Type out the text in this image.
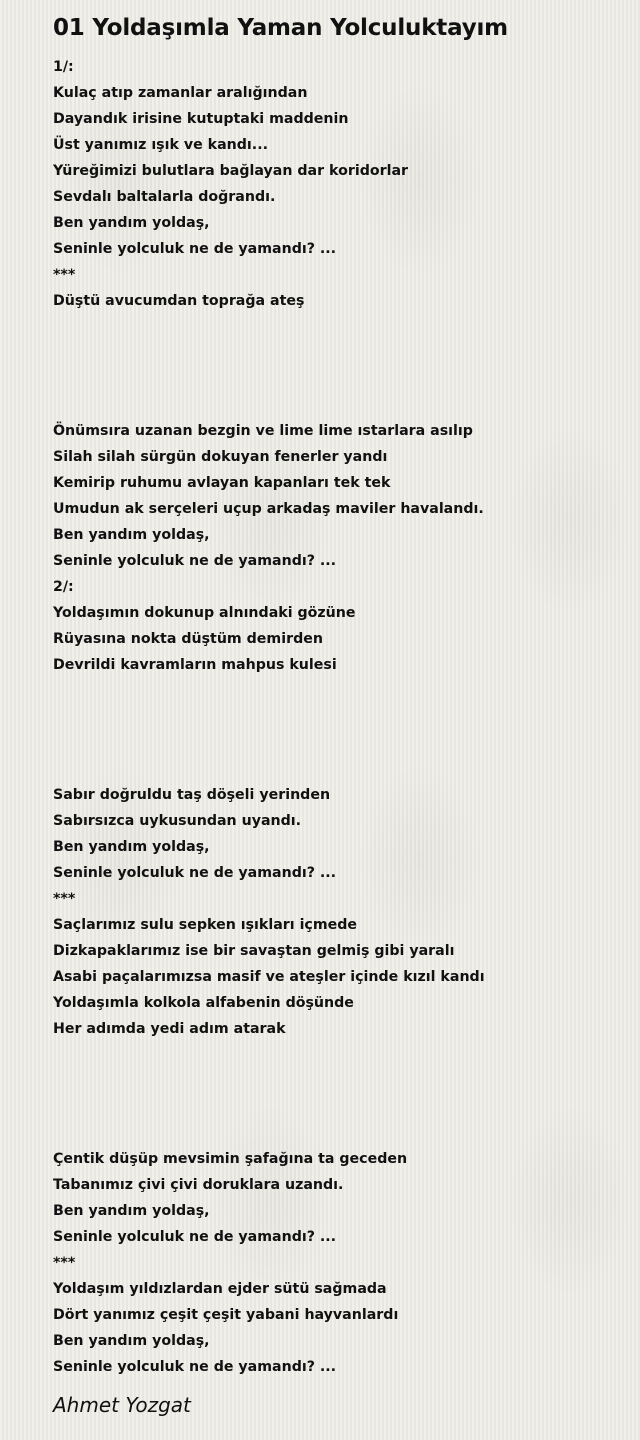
01 Yoldaşımla Yaman Yolculuktayım
1/:
Kulaç atıp zamanlar aralığından
Dayandık irisine kutuptaki maddenin
Üst yanımız ışık ve kandı...
Yüreğimizi bulutlara bağlayan dar koridorlar
Sevdalı baltalarla doğrandı.
Ben yandım yoldaş,
Seninle yolculuk ne de yamandı? ...
***
Düştü avucumdan toprağa ateş
Önümsıra uzanan bezgin ve lime lime ıstarlara asılıp
Silah silah sürgün dokuyan fenerler yandı
Kemirip ruhumu avlayan kapanları tek tek
Umudun ak serçeleri uçup arkadaş maviler havalandı.
Ben yandım yoldaş,
Seninle yolculuk ne de yamandı? ...
2/:
Yoldaşımın dokunup alnındaki gözüne
Rüyasına nokta düştüm demirden
Devrildi kavramların mahpus kulesi
Sabır doğruldu taş döşeli yerinden
Sabırsızca uykusundan uyandı.
Ben yandım yoldaş,
Seninle yolculuk ne de yamandı? ...
***
Saçlarımız sulu sepken ışıkları içmede
Dizkapaklarımız ise bir savaştan gelmiş gibi yaralı
Asabi paçalarımızsa masif ve ateşler içinde kızıl kandı
Yoldaşımla kolkola alfabenin döşünde
Her adımda yedi adım atarak
Çentik düşüp mevsimin şafağına ta geceden
Tabanımız çivi çivi doruklara uzandı.
Ben yandım yoldaş,
Seninle yolculuk ne de yamandı? ...
***
Yoldaşım yıldızlardan ejder sütü sağmada
Dört yanımız çeşit çeşit yabani hayvanlardı
Ben yandım yoldaş,
Seninle yolculuk ne de yamandı? ...
Ahmet Yozgat
